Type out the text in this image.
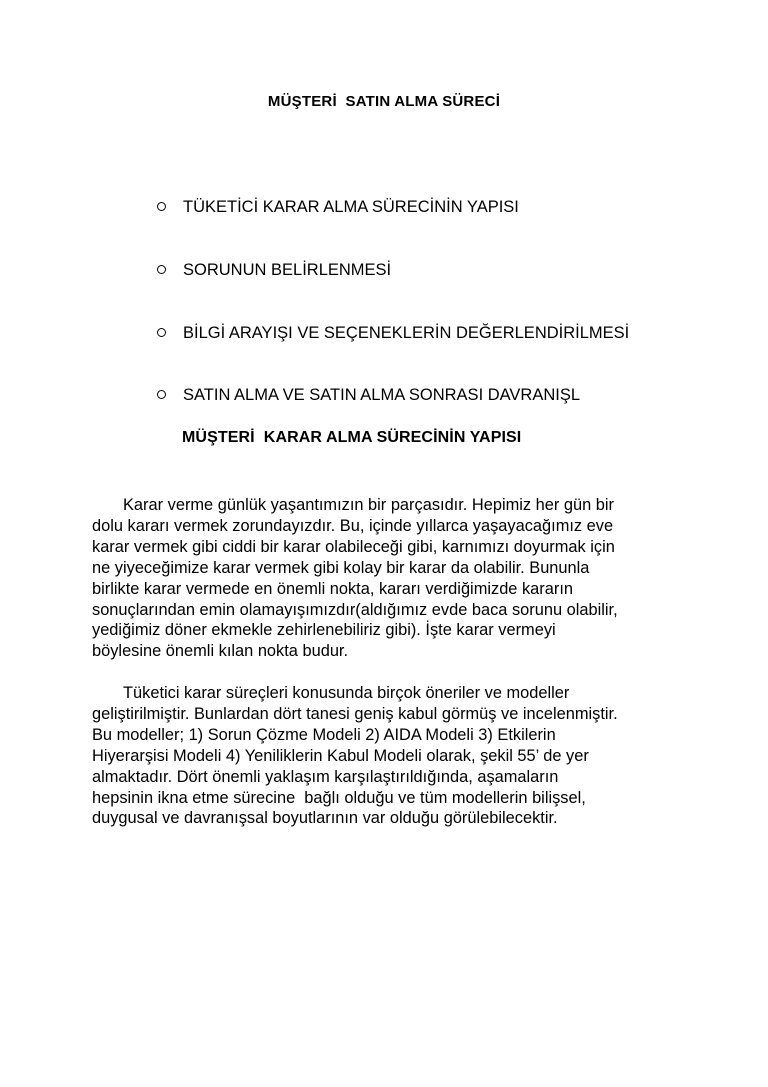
MÜŞTERİ  SATIN ALMA SÜRECİ
TÜKETİCİ KARAR ALMA SÜRECİNİN YAPISI
SORUNUN BELİRLENMESİ
BİLGİ ARAYIŞI VE SEÇENEKLERİN DEĞERLENDİRİLMESİ
SATIN ALMA VE SATIN ALMA SONRASI DAVRANIŞL
MÜŞTERİ  KARAR ALMA SÜRECİNİN YAPISI

Karar verme günlük yaşantımızın bir parçasıdır. Hepimiz her gün bir
dolu kararı vermek zorundayızdır. Bu, içinde yıllarca yaşayacağımız eve
karar vermek gibi ciddi bir karar olabileceği gibi, karnımızı doyurmak için
ne yiyeceğimize karar vermek gibi kolay bir karar da olabilir. Bununla
birlikte karar vermede en önemli nokta, kararı verdiğimizde kararın
sonuçlarından emin olamayışımızdır(aldığımız evde baca sorunu olabilir,
yediğimiz döner ekmekle zehirlenebiliriz gibi). İşte karar vermeyi
böylesine önemli kılan nokta budur.

Tüketici karar süreçleri konusunda birçok öneriler ve modeller
geliştirilmiştir. Bunlardan dört tanesi geniş kabul görmüş ve incelenmiştir.
Bu modeller; 1) Sorun Çözme Modeli 2) AIDA Modeli 3) Etkilerin
Hiyerarşisi Modeli 4) Yeniliklerin Kabul Modeli olarak, şekil 55’ de yer
almaktadır. Dört önemli yaklaşım karşılaştırıldığında, aşamaların
hepsinin ikna etme sürecine  bağlı olduğu ve tüm modellerin bilişsel,
duygusal ve davranışsal boyutlarının var olduğu görülebilecektir.
